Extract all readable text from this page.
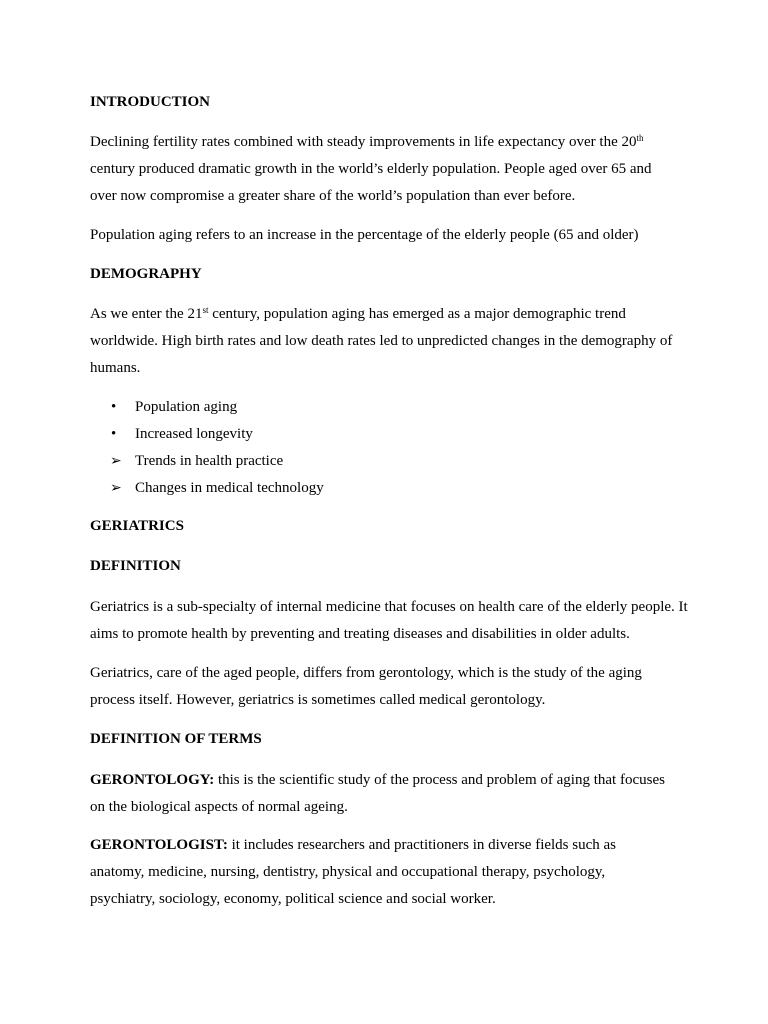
INTRODUCTION

Declining fertility rates combined with steady improvements in life expectancy over the 20th century produced dramatic growth in the world’s elderly population. People aged over 65 and over now compromise a greater share of the world’s population than ever before.

Population aging refers to an increase in the percentage of the elderly people (65 and older)

DEMOGRAPHY

As we enter the 21st century, population aging has emerged as a major demographic trend worldwide. High birth rates and low death rates led to unpredicted changes in the demography of humans.

•	Population aging
•	Increased longevity
➢ Trends in health practice
➢ Changes in medical technology

GERIATRICS

DEFINITION

Geriatrics is a sub-specialty of internal medicine that focuses on health care of the elderly people. It aims to promote health by preventing and treating diseases and disabilities in older adults.

Geriatrics, care of the aged people, differs from gerontology, which is the study of the aging process itself. However, geriatrics is sometimes called medical gerontology.

DEFINITION OF TERMS

GERONTOLOGY: this is the scientific study of the process and problem of aging that focuses on the biological aspects of normal ageing.

GERONTOLOGIST: it includes researchers and practitioners in diverse fields such as anatomy, medicine, nursing, dentistry, physical and occupational therapy, psychology, psychiatry, sociology, economy, political science and social worker.
